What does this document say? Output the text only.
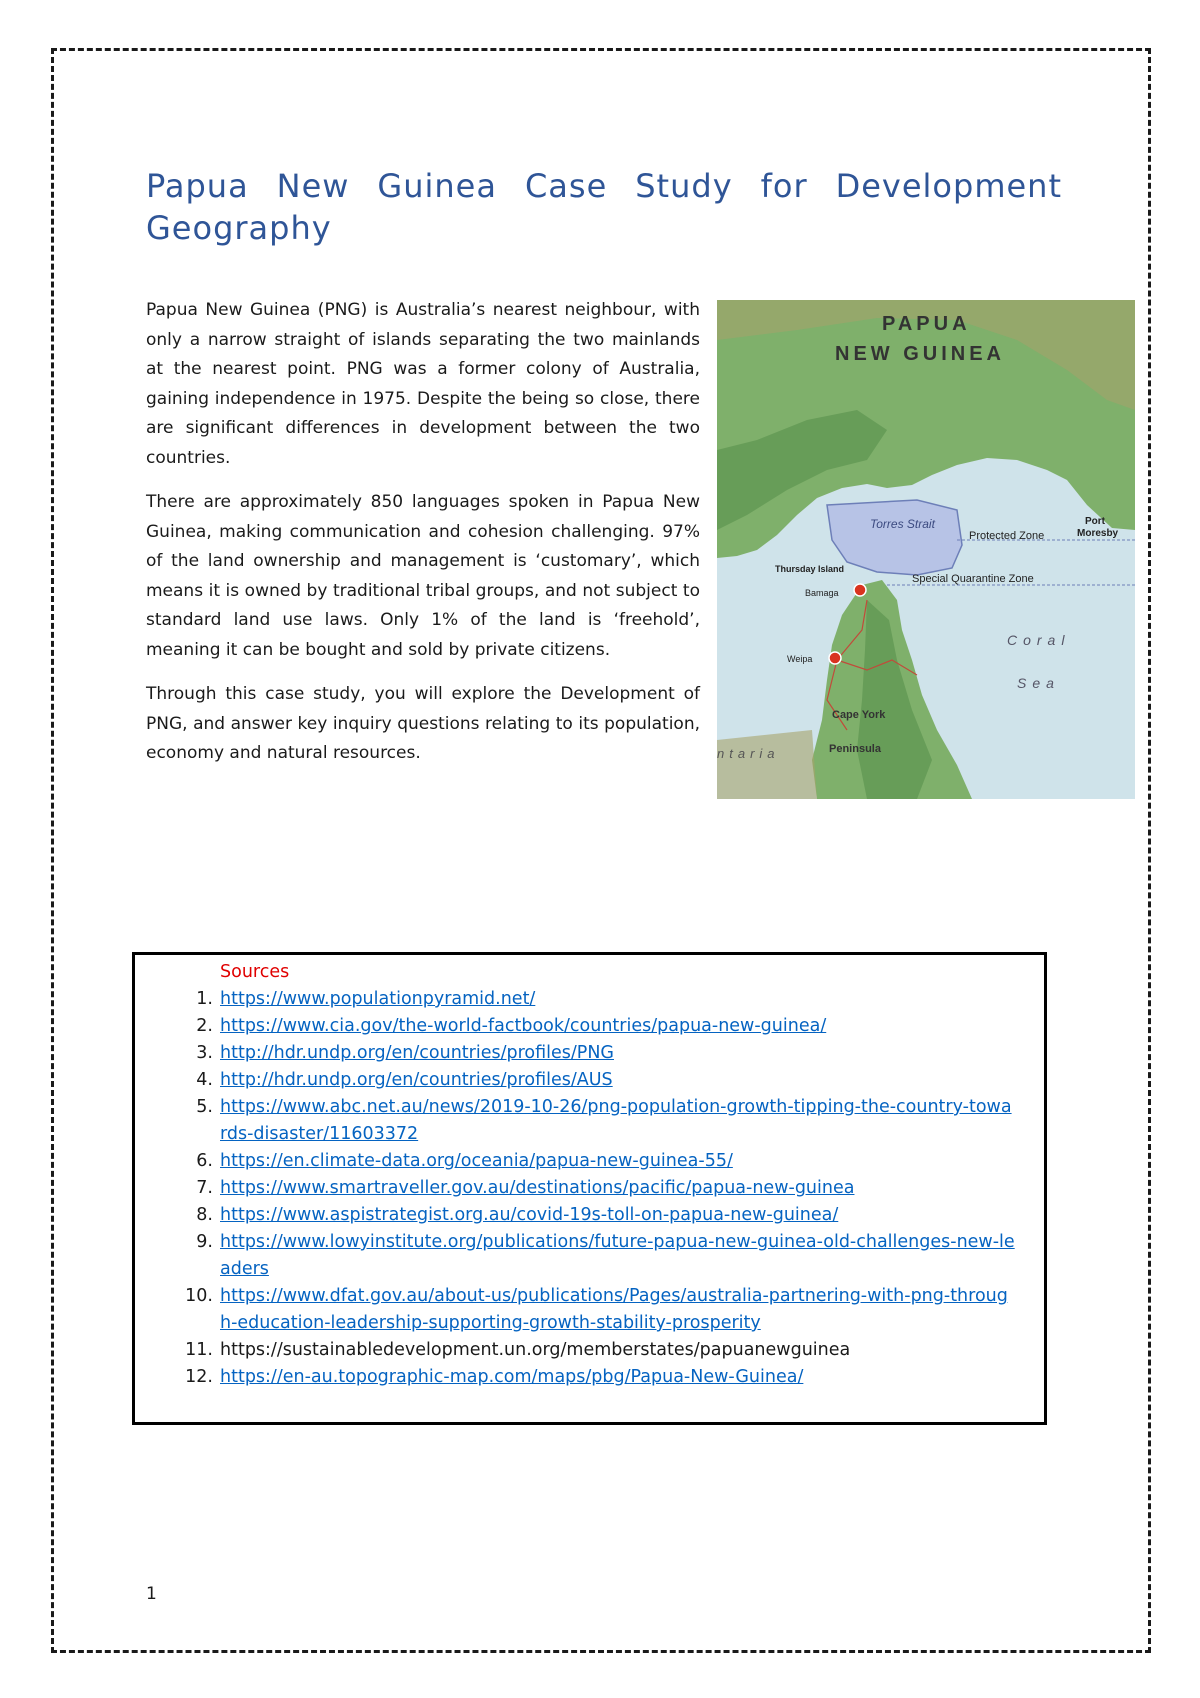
Papua New Guinea Case Study for Development Geography

Papua New Guinea (PNG) is Australia’s nearest neighbour, with only a narrow straight of islands separating the two mainlands at the nearest point. PNG was a former colony of Australia, gaining independence in 1975. Despite the being so close, there are significant differences in development between the two countries.

There are approximately 850 languages spoken in Papua New Guinea, making communication and cohesion challenging. 97% of the land ownership and management is ‘customary’, which means it is owned by traditional tribal groups, and not subject to standard land use laws. Only 1% of the land is ‘freehold’, meaning it can be bought and sold by private citizens.

Through this case study, you will explore the Development of PNG, and answer key inquiry questions relating to its population, economy and natural resources.

PAPUA
NEW GUINEA
Torres Strait
Protected Zone
Special Quarantine Zone
Thursday Island
Bamaga
Weipa
Coral
Sea
Cape York
Peninsula
Port
Moresby
ntaria
Sources
1. https://www.populationpyramid.net/
2. https://www.cia.gov/the-world-factbook/countries/papua-new-guinea/
3. http://hdr.undp.org/en/countries/profiles/PNG
4. http://hdr.undp.org/en/countries/profiles/AUS
5. https://www.abc.net.au/news/2019-10-26/png-population-growth-tipping-the-country-towards-disaster/11603372
6. https://en.climate-data.org/oceania/papua-new-guinea-55/
7. https://www.smartraveller.gov.au/destinations/pacific/papua-new-guinea
8. https://www.aspistrategist.org.au/covid-19s-toll-on-papua-new-guinea/
9. https://www.lowyinstitute.org/publications/future-papua-new-guinea-old-challenges-new-leaders
10. https://www.dfat.gov.au/about-us/publications/Pages/australia-partnering-with-png-through-education-leadership-supporting-growth-stability-prosperity
11. https://sustainabledevelopment.un.org/memberstates/papuanewguinea
12. https://en-au.topographic-map.com/maps/pbg/Papua-New-Guinea/
1
